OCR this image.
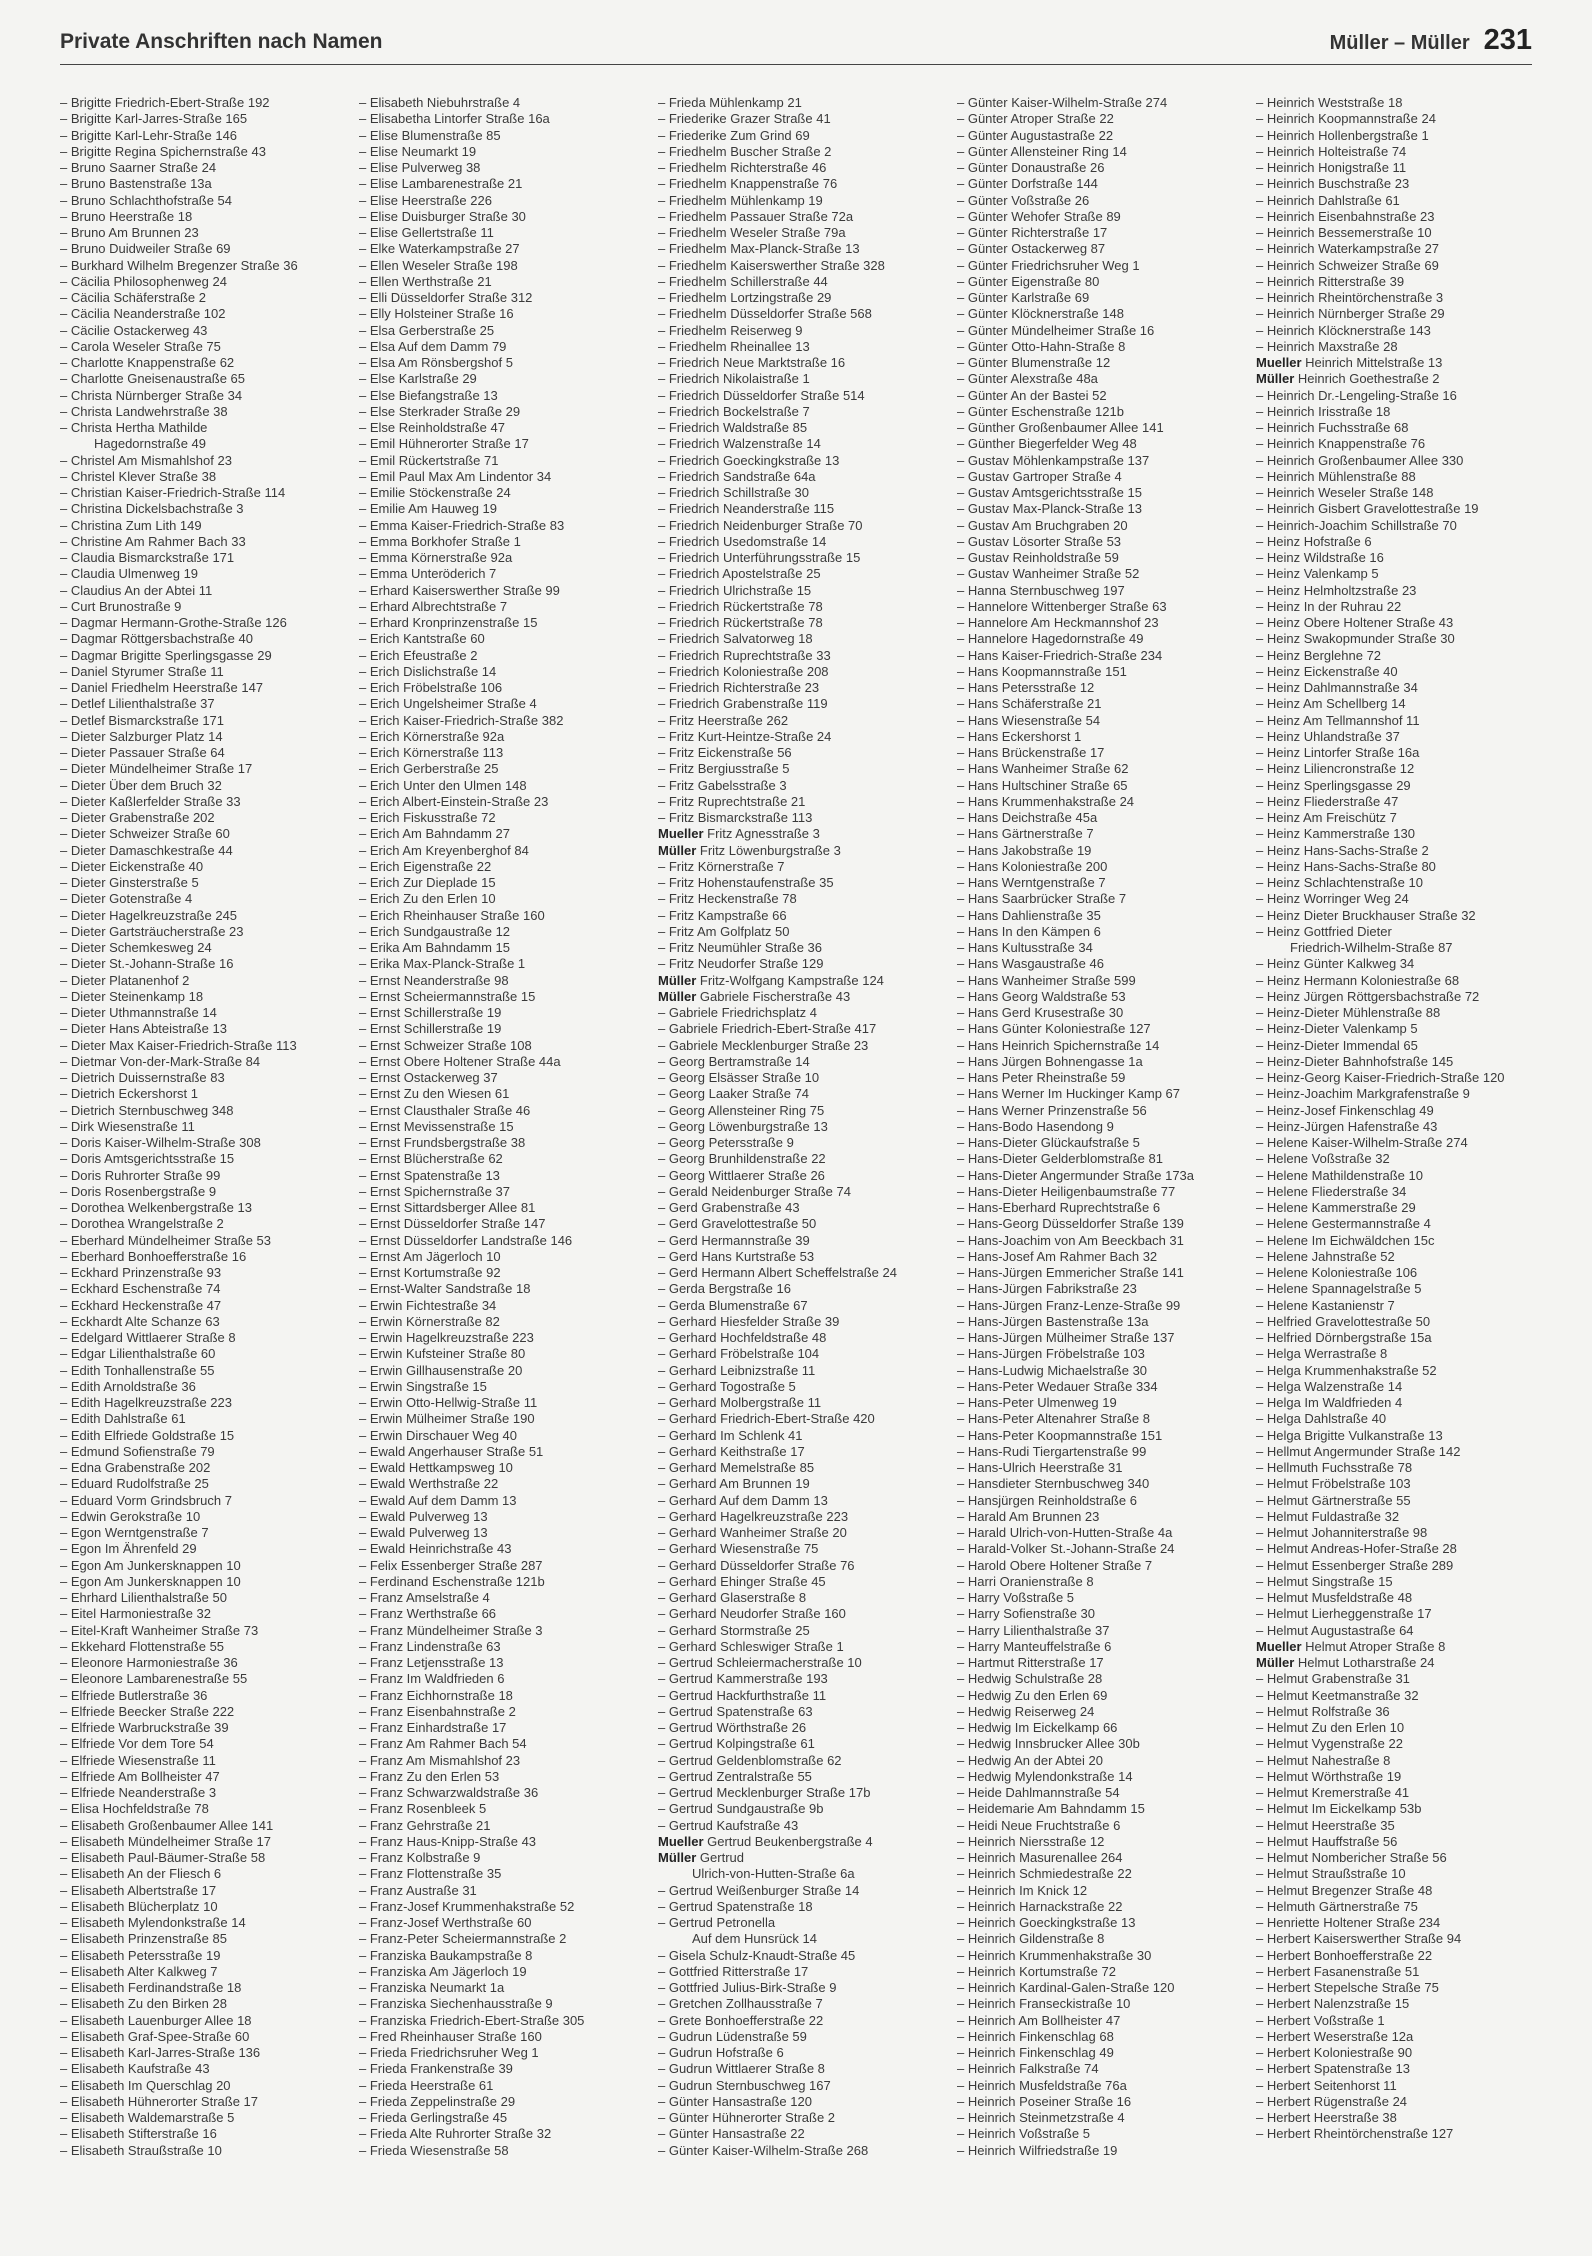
Private Anschriften nach Namen	Müller – Müller 231
– Brigitte Friedrich-Ebert-Straße 192
– Brigitte Karl-Jarres-Straße 165
– Brigitte Karl-Lehr-Straße 146
– Brigitte Regina Spichernstraße 43
– Bruno Saarner Straße 24
– Bruno Bastenstraße 13a
– Bruno Schlachthofstraße 54
– Bruno Heerstraße 18
– Bruno Am Brunnen 23
– Bruno Duidweiler Straße 69
– Burkhard Wilhelm Bregenzer Straße 36
– Cäcilia Philosophenweg 24
– Cäcilia Schäferstraße 2
– Cäcilia Neanderstraße 102
– Cäcilie Ostackerweg 43
– Carola Weseler Straße 75
– Charlotte Knappenstraße 62
– Charlotte Gneisenaustraße 65
– Christa Nürnberger Straße 34
– Christa Landwehrstraße 38
– Christa Hertha Mathilde
Hagedornstraße 49
– Christel Am Mismahlshof 23
– Christel Klever Straße 38
– Christian Kaiser-Friedrich-Straße 114
– Christina Dickelsbachstraße 3
– Christina Zum Lith 149
– Christine Am Rahmer Bach 33
– Claudia Bismarckstraße 171
– Claudia Ulmenweg 19
– Claudius An der Abtei 11
– Curt Brunostraße 9
– Dagmar Hermann-Grothe-Straße 126
– Dagmar Röttgersbachstraße 40
– Dagmar Brigitte Sperlingsgasse 29
– Daniel Styrumer Straße 11
– Daniel Friedhelm Heerstraße 147
– Detlef Lilienthalstraße 37
– Detlef Bismarckstraße 171
– Dieter Salzburger Platz 14
– Dieter Passauer Straße 64
– Dieter Mündelheimer Straße 17
– Dieter Über dem Bruch 32
– Dieter Kaßlerfelder Straße 33
– Dieter Grabenstraße 202
– Dieter Schweizer Straße 60
– Dieter Damaschkestraße 44
– Dieter Eickenstraße 40
– Dieter Ginsterstraße 5
– Dieter Gotenstraße 4
– Dieter Hagelkreuzstraße 245
– Dieter Gartsträucherstraße 23
– Dieter Schemkesweg 24
– Dieter St.-Johann-Straße 16
– Dieter Platanenhof 2
– Dieter Steinenkamp 18
– Dieter Uthmannstraße 14
– Dieter Hans Abteistraße 13
– Dieter Max Kaiser-Friedrich-Straße 113
– Dietmar Von-der-Mark-Straße 84
– Dietrich Duissernstraße 83
– Dietrich Eckershorst 1
– Dietrich Sternbuschweg 348
– Dirk Wiesenstraße 11
– Doris Kaiser-Wilhelm-Straße 308
– Doris Amtsgerichtsstraße 15
– Doris Ruhrorter Straße 99
– Doris Rosenbergstraße 9
– Dorothea Welkenbergstraße 13
– Dorothea Wrangelstraße 2
– Eberhard Mündelheimer Straße 53
– Eberhard Bonhoefferstraße 16
– Eckhard Prinzenstraße 93
– Eckhard Eschenstraße 74
– Eckhard Heckenstraße 47
– Eckhardt Alte Schanze 63
– Edelgard Wittlaerer Straße 8
– Edgar Lilienthalstraße 60
– Edith Tonhallenstraße 55
– Edith Arnoldstraße 36
– Edith Hagelkreuzstraße 223
– Edith Dahlstraße 61
– Edith Elfriede Goldstraße 15
– Edmund Sofienstraße 79
– Edna Grabenstraße 202
– Eduard Rudolfstraße 25
– Eduard Vorm Grindsbruch 7
– Edwin Gerokstraße 10
– Egon Werntgenstraße 7
– Egon Im Ährenfeld 29
– Egon Am Junkersknappen 10
– Egon Am Junkersknappen 10
– Ehrhard Lilienthalstraße 50
– Eitel Harmoniestraße 32
– Eitel-Kraft Wanheimer Straße 73
– Ekkehard Flottenstraße 55
– Eleonore Harmoniestraße 36
– Eleonore Lambarenestraße 55
– Elfriede Butlerstraße 36
– Elfriede Beecker Straße 222
– Elfriede Warbruckstraße 39
– Elfriede Vor dem Tore 54
– Elfriede Wiesenstraße 11
– Elfriede Am Bollheister 47
– Elfriede Neanderstraße 3
– Elisa Hochfeldstraße 78
– Elisabeth Großenbaumer Allee 141
– Elisabeth Mündelheimer Straße 17
– Elisabeth Paul-Bäumer-Straße 58
– Elisabeth An der Fliesch 6
– Elisabeth Albertstraße 17
– Elisabeth Blücherplatz 10
– Elisabeth Mylendonkstraße 14
– Elisabeth Prinzenstraße 85
– Elisabeth Petersstraße 19
– Elisabeth Alter Kalkweg 7
– Elisabeth Ferdinandstraße 18
– Elisabeth Zu den Birken 28
– Elisabeth Lauenburger Allee 18
– Elisabeth Graf-Spee-Straße 60
– Elisabeth Karl-Jarres-Straße 136
– Elisabeth Kaufstraße 43
– Elisabeth Im Querschlag 20
– Elisabeth Hühnerorter Straße 17
– Elisabeth Waldemarstraße 5
– Elisabeth Stifterstraße 16
– Elisabeth Straußstraße 10
– Elisabeth Niebuhrstraße 4
– Elisabetha Lintorfer Straße 16a
– Elise Blumenstraße 85
– Elise Neumarkt 19
– Elise Pulverweg 38
– Elise Lambarenestraße 21
– Elise Heerstraße 226
– Elise Duisburger Straße 30
– Elise Gellertstraße 11
– Elke Waterkampstraße 27
– Ellen Weseler Straße 198
– Ellen Werthstraße 21
– Elli Düsseldorfer Straße 312
– Elly Holsteiner Straße 16
– Elsa Gerberstraße 25
– Elsa Auf dem Damm 79
– Elsa Am Rönsbergshof 5
– Else Karlstraße 29
– Else Biefangstraße 13
– Else Sterkrader Straße 29
– Else Reinholdstraße 47
– Emil Hühnerorter Straße 17
– Emil Rückertstraße 71
– Emil Paul Max Am Lindentor 34
– Emilie Stöckenstraße 24
– Emilie Am Hauweg 19
– Emma Kaiser-Friedrich-Straße 83
– Emma Borkhofer Straße 1
– Emma Körnerstraße 92a
– Emma Unteröderich 7
– Erhard Kaiserswerther Straße 99
– Erhard Albrechtstraße 7
– Erhard Kronprinzenstraße 15
– Erich Kantstraße 60
– Erich Efeustraße 2
– Erich Dislichstraße 14
– Erich Fröbelstraße 106
– Erich Ungelsheimer Straße 4
– Erich Kaiser-Friedrich-Straße 382
– Erich Körnerstraße 92a
– Erich Körnerstraße 113
– Erich Gerberstraße 25
– Erich Unter den Ulmen 148
– Erich Albert-Einstein-Straße 23
– Erich Fiskusstraße 72
– Erich Am Bahndamm 27
– Erich Am Kreyenberghof 84
– Erich Eigenstraße 22
– Erich Zur Dieplade 15
– Erich Zu den Erlen 10
– Erich Rheinhauser Straße 160
– Erich Sundgaustraße 12
– Erika Am Bahndamm 15
– Erika Max-Planck-Straße 1
– Ernst Neanderstraße 98
– Ernst Scheiermannstraße 15
– Ernst Schillerstraße 19
– Ernst Schillerstraße 19
– Ernst Schweizer Straße 108
– Ernst Obere Holtener Straße 44a
– Ernst Ostackerweg 37
– Ernst Zu den Wiesen 61
– Ernst Clausthaler Straße 46
– Ernst Mevissenstraße 15
– Ernst Frundsbergstraße 38
– Ernst Blücherstraße 62
– Ernst Spatenstraße 13
– Ernst Spichernstraße 37
– Ernst Sittardsberger Allee 81
– Ernst Düsseldorfer Straße 147
– Ernst Düsseldorfer Landstraße 146
– Ernst Am Jägerloch 10
– Ernst Kortumstraße 92
– Ernst-Walter Sandstraße 18
– Erwin Fichtestraße 34
– Erwin Körnerstraße 82
– Erwin Hagelkreuzstraße 223
– Erwin Kufsteiner Straße 80
– Erwin Gillhausenstraße 20
– Erwin Singstraße 15
– Erwin Otto-Hellwig-Straße 11
– Erwin Mülheimer Straße 190
– Erwin Dirschauer Weg 40
– Ewald Angerhauser Straße 51
– Ewald Hettkampsweg 10
– Ewald Werthstraße 22
– Ewald Auf dem Damm 13
– Ewald Pulverweg 13
– Ewald Pulverweg 13
– Ewald Heinrichstraße 43
– Felix Essenberger Straße 287
– Ferdinand Eschenstraße 121b
– Franz Amselstraße 4
– Franz Werthstraße 66
– Franz Mündelheimer Straße 3
– Franz Lindenstraße 63
– Franz Letjensstraße 13
– Franz Im Waldfrieden 6
– Franz Eichhornstraße 18
– Franz Eisenbahnstraße 2
– Franz Einhardstraße 17
– Franz Am Rahmer Bach 54
– Franz Am Mismahlshof 23
– Franz Zu den Erlen 53
– Franz Schwarzwaldstraße 36
– Franz Rosenbleek 5
– Franz Gehrstraße 21
– Franz Haus-Knipp-Straße 43
– Franz Kolbstraße 9
– Franz Flottenstraße 35
– Franz Austraße 31
– Franz-Josef Krummenhakstraße 52
– Franz-Josef Werthstraße 60
– Franz-Peter Scheiermannstraße 2
– Franziska Baukampstraße 8
– Franziska Am Jägerloch 19
– Franziska Neumarkt 1a
– Franziska Siechenhausstraße 9
– Franziska Friedrich-Ebert-Straße 305
– Fred Rheinhauser Straße 160
– Frieda Friedrichsruher Weg 1
– Frieda Frankenstraße 39
– Frieda Heerstraße 61
– Frieda Zeppelinstraße 29
– Frieda Gerlingstraße 45
– Frieda Alte Ruhrorter Straße 32
– Frieda Wiesenstraße 58
– Frieda Mühlenkamp 21
– Friederike Grazer Straße 41
– Friederike Zum Grind 69
– Friedhelm Buscher Straße 2
– Friedhelm Richterstraße 46
– Friedhelm Knappenstraße 76
– Friedhelm Mühlenkamp 19
– Friedhelm Passauer Straße 72a
– Friedhelm Weseler Straße 79a
– Friedhelm Max-Planck-Straße 13
– Friedhelm Kaiserswerther Straße 328
– Friedhelm Schillerstraße 44
– Friedhelm Lortzingstraße 29
– Friedhelm Düsseldorfer Straße 568
– Friedhelm Reiserweg 9
– Friedhelm Rheinallee 13
– Friedrich Neue Marktstraße 16
– Friedrich Nikolaistraße 1
– Friedrich Düsseldorfer Straße 514
– Friedrich Bockelstraße 7
– Friedrich Waldstraße 85
– Friedrich Walzenstraße 14
– Friedrich Goeckingkstraße 13
– Friedrich Sandstraße 64a
– Friedrich Schillstraße 30
– Friedrich Neanderstraße 115
– Friedrich Neidenburger Straße 70
– Friedrich Usedomstraße 14
– Friedrich Unterführungsstraße 15
– Friedrich Apostelstraße 25
– Friedrich Ulrichstraße 15
– Friedrich Rückertstraße 78
– Friedrich Rückertstraße 78
– Friedrich Salvatorweg 18
– Friedrich Ruprechtstraße 33
– Friedrich Koloniestraße 208
– Friedrich Richterstraße 23
– Friedrich Grabenstraße 119
– Fritz Heerstraße 262
– Fritz Kurt-Heintze-Straße 24
– Fritz Eickenstraße 56
– Fritz Bergiusstraße 5
– Fritz Gabelsstraße 3
– Fritz Ruprechtstraße 21
– Fritz Bismarckstraße 113
Mueller Fritz Agnesstraße 3
Müller Fritz Löwenburgstraße 3
– Fritz Körnerstraße 7
– Fritz Hohenstaufenstraße 35
– Fritz Heckenstraße 78
– Fritz Kampstraße 66
– Fritz Am Golfplatz 50
– Fritz Neumühler Straße 36
– Fritz Neudorfer Straße 129
Müller Fritz-Wolfgang Kampstraße 124
Müller Gabriele Fischerstraße 43
– Gabriele Friedrichsplatz 4
– Gabriele Friedrich-Ebert-Straße 417
– Gabriele Mecklenburger Straße 23
– Georg Bertramstraße 14
– Georg Elsässer Straße 10
– Georg Laaker Straße 74
– Georg Allensteiner Ring 75
– Georg Löwenburgstraße 13
– Georg Petersstraße 9
– Georg Brunhildenstraße 22
– Georg Wittlaerer Straße 26
– Gerald Neidenburger Straße 74
– Gerd Grabenstraße 43
– Gerd Gravelottestraße 50
– Gerd Hermannstraße 39
– Gerd Hans Kurtstraße 53
– Gerd Hermann Albert Scheffelstraße 24
– Gerda Bergstraße 16
– Gerda Blumenstraße 67
– Gerhard Hiesfelder Straße 39
– Gerhard Hochfeldstraße 48
– Gerhard Fröbelstraße 104
– Gerhard Leibnizstraße 11
– Gerhard Togostraße 5
– Gerhard Molbergstraße 11
– Gerhard Friedrich-Ebert-Straße 420
– Gerhard Im Schlenk 41
– Gerhard Keithstraße 17
– Gerhard Memelstraße 85
– Gerhard Am Brunnen 19
– Gerhard Auf dem Damm 13
– Gerhard Hagelkreuzstraße 223
– Gerhard Wanheimer Straße 20
– Gerhard Wiesenstraße 75
– Gerhard Düsseldorfer Straße 76
– Gerhard Ehinger Straße 45
– Gerhard Glaserstraße 8
– Gerhard Neudorfer Straße 160
– Gerhard Stormstraße 25
– Gerhard Schleswiger Straße 1
– Gertrud Schleiermacherstraße 10
– Gertrud Kammerstraße 193
– Gertrud Hackfurthstraße 11
– Gertrud Spatenstraße 63
– Gertrud Wörthstraße 26
– Gertrud Kolpingstraße 61
– Gertrud Geldenblomstraße 62
– Gertrud Zentralstraße 55
– Gertrud Mecklenburger Straße 17b
– Gertrud Sundgaustraße 9b
– Gertrud Kaufstraße 43
Mueller Gertrud Beukenbergstraße 4
Müller Gertrud
Ulrich-von-Hutten-Straße 6a
– Gertrud Weißenburger Straße 14
– Gertrud Spatenstraße 18
– Gertrud Petronella
Auf dem Hunsrück 14
– Gisela Schulz-Knaudt-Straße 45
– Gottfried Ritterstraße 17
– Gottfried Julius-Birk-Straße 9
– Gretchen Zollhausstraße 7
– Grete Bonhoefferstraße 22
– Gudrun Lüdenstraße 59
– Gudrun Hofstraße 6
– Gudrun Wittlaerer Straße 8
– Gudrun Sternbuschweg 167
– Günter Hansastraße 120
– Günter Hühnerorter Straße 2
– Günter Hansastraße 22
– Günter Kaiser-Wilhelm-Straße 268
– Günter Kaiser-Wilhelm-Straße 274
– Günter Atroper Straße 22
– Günter Augustastraße 22
– Günter Allensteiner Ring 14
– Günter Donaustraße 26
– Günter Dorfstraße 144
– Günter Voßstraße 26
– Günter Wehofer Straße 89
– Günter Richterstraße 17
– Günter Ostackerweg 87
– Günter Friedrichsruher Weg 1
– Günter Eigenstraße 80
– Günter Karlstraße 69
– Günter Klöcknerstraße 148
– Günter Mündelheimer Straße 16
– Günter Otto-Hahn-Straße 8
– Günter Blumenstraße 12
– Günter Alexstraße 48a
– Günter An der Bastei 52
– Günter Eschenstraße 121b
– Günther Großenbaumer Allee 141
– Günther Biegerfelder Weg 48
– Gustav Möhlenkampstraße 137
– Gustav Gartroper Straße 4
– Gustav Amtsgerichtsstraße 15
– Gustav Max-Planck-Straße 13
– Gustav Am Bruchgraben 20
– Gustav Lösorter Straße 53
– Gustav Reinholdstraße 59
– Gustav Wanheimer Straße 52
– Hanna Sternbuschweg 197
– Hannelore Wittenberger Straße 63
– Hannelore Am Heckmannshof 23
– Hannelore Hagedornstraße 49
– Hans Kaiser-Friedrich-Straße 234
– Hans Koopmannstraße 151
– Hans Petersstraße 12
– Hans Schäferstraße 21
– Hans Wiesenstraße 54
– Hans Eckershorst 1
– Hans Brückenstraße 17
– Hans Wanheimer Straße 62
– Hans Hultschiner Straße 65
– Hans Krummenhakstraße 24
– Hans Deichstraße 45a
– Hans Gärtnerstraße 7
– Hans Jakobstraße 19
– Hans Koloniestraße 200
– Hans Werntgenstraße 7
– Hans Saarbrücker Straße 7
– Hans Dahlienstraße 35
– Hans In den Kämpen 6
– Hans Kultusstraße 34
– Hans Wasgaustraße 46
– Hans Wanheimer Straße 599
– Hans Georg Waldstraße 53
– Hans Gerd Krusestraße 30
– Hans Günter Koloniestraße 127
– Hans Heinrich Spichernstraße 14
– Hans Jürgen Bohnengasse 1a
– Hans Peter Rheinstraße 59
– Hans Werner Im Huckinger Kamp 67
– Hans Werner Prinzenstraße 56
– Hans-Bodo Hasendong 9
– Hans-Dieter Glückaufstraße 5
– Hans-Dieter Gelderblomstraße 81
– Hans-Dieter Angermunder Straße 173a
– Hans-Dieter Heiligenbaumstraße 77
– Hans-Eberhard Ruprechtstraße 6
– Hans-Georg Düsseldorfer Straße 139
– Hans-Joachim von Am Beeckbach 31
– Hans-Josef Am Rahmer Bach 32
– Hans-Jürgen Emmericher Straße 141
– Hans-Jürgen Fabrikstraße 23
– Hans-Jürgen Franz-Lenze-Straße 99
– Hans-Jürgen Bastenstraße 13a
– Hans-Jürgen Mülheimer Straße 137
– Hans-Jürgen Fröbelstraße 103
– Hans-Ludwig Michaelstraße 30
– Hans-Peter Wedauer Straße 334
– Hans-Peter Ulmenweg 19
– Hans-Peter Altenahrer Straße 8
– Hans-Peter Koopmannstraße 151
– Hans-Rudi Tiergartenstraße 99
– Hans-Ulrich Heerstraße 31
– Hansdieter Sternbuschweg 340
– Hansjürgen Reinholdstraße 6
– Harald Am Brunnen 23
– Harald Ulrich-von-Hutten-Straße 4a
– Harald-Volker St.-Johann-Straße 24
– Harold Obere Holtener Straße 7
– Harri Oranienstraße 8
– Harry Voßstraße 5
– Harry Sofienstraße 30
– Harry Lilienthalstraße 37
– Harry Manteuffelstraße 6
– Hartmut Ritterstraße 17
– Hedwig Schulstraße 28
– Hedwig Zu den Erlen 69
– Hedwig Reiserweg 24
– Hedwig Im Eickelkamp 66
– Hedwig Innsbrucker Allee 30b
– Hedwig An der Abtei 20
– Hedwig Mylendonkstraße 14
– Heide Dahlmannstraße 54
– Heidemarie Am Bahndamm 15
– Heidi Neue Fruchtstraße 6
– Heinrich Niersstraße 12
– Heinrich Masurenallee 264
– Heinrich Schmiedestraße 22
– Heinrich Im Knick 12
– Heinrich Harnackstraße 22
– Heinrich Goeckingkstraße 13
– Heinrich Gildenstraße 8
– Heinrich Krummenhakstraße 30
– Heinrich Kortumstraße 72
– Heinrich Kardinal-Galen-Straße 120
– Heinrich Franseckistraße 10
– Heinrich Am Bollheister 47
– Heinrich Finkenschlag 68
– Heinrich Finkenschlag 49
– Heinrich Falkstraße 74
– Heinrich Musfeldstraße 76a
– Heinrich Poseiner Straße 16
– Heinrich Steinmetzstraße 4
– Heinrich Voßstraße 5
– Heinrich Wilfriedstraße 19
– Heinrich Weststraße 18
– Heinrich Koopmannstraße 24
– Heinrich Hollenbergstraße 1
– Heinrich Holteistraße 74
– Heinrich Honigstraße 11
– Heinrich Buschstraße 23
– Heinrich Dahlstraße 61
– Heinrich Eisenbahnstraße 23
– Heinrich Bessemerstraße 10
– Heinrich Waterkampstraße 27
– Heinrich Schweizer Straße 69
– Heinrich Ritterstraße 39
– Heinrich Rheintörchenstraße 3
– Heinrich Nürnberger Straße 29
– Heinrich Klöcknerstraße 143
– Heinrich Maxstraße 28
Mueller Heinrich Mittelstraße 13
Müller Heinrich Goethestraße 2
– Heinrich Dr.-Lengeling-Straße 16
– Heinrich Irisstraße 18
– Heinrich Fuchsstraße 68
– Heinrich Knappenstraße 76
– Heinrich Großenbaumer Allee 330
– Heinrich Mühlenstraße 88
– Heinrich Weseler Straße 148
– Heinrich Gisbert Gravelottestraße 19
– Heinrich-Joachim Schillstraße 70
– Heinz Hofstraße 6
– Heinz Wildstraße 16
– Heinz Valenkamp 5
– Heinz Helmholtzstraße 23
– Heinz In der Ruhrau 22
– Heinz Obere Holtener Straße 43
– Heinz Swakopmunder Straße 30
– Heinz Berglehne 72
– Heinz Eickenstraße 40
– Heinz Dahlmannstraße 34
– Heinz Am Schellberg 14
– Heinz Am Tellmannshof 11
– Heinz Uhlandstraße 37
– Heinz Lintorfer Straße 16a
– Heinz Liliencronstraße 12
– Heinz Sperlingsgasse 29
– Heinz Fliederstraße 47
– Heinz Am Freischütz 7
– Heinz Kammerstraße 130
– Heinz Hans-Sachs-Straße 2
– Heinz Hans-Sachs-Straße 80
– Heinz Schlachtenstraße 10
– Heinz Worringer Weg 24
– Heinz Dieter Bruckhauser Straße 32
– Heinz Gottfried Dieter
Friedrich-Wilhelm-Straße 87
– Heinz Günter Kalkweg 34
– Heinz Hermann Koloniestraße 68
– Heinz Jürgen Röttgersbachstraße 72
– Heinz-Dieter Mühlenstraße 88
– Heinz-Dieter Valenkamp 5
– Heinz-Dieter Immendal 65
– Heinz-Dieter Bahnhofstraße 145
– Heinz-Georg Kaiser-Friedrich-Straße 120
– Heinz-Joachim Markgrafenstraße 9
– Heinz-Josef Finkenschlag 49
– Heinz-Jürgen Hafenstraße 43
– Helene Kaiser-Wilhelm-Straße 274
– Helene Voßstraße 32
– Helene Mathildenstraße 10
– Helene Fliederstraße 34
– Helene Kammerstraße 29
– Helene Gestermannstraße 4
– Helene Im Eichwäldchen 15c
– Helene Jahnstraße 52
– Helene Koloniestraße 106
– Helene Spannagelstraße 5
– Helene Kastanienstr 7
– Helfried Gravelottestraße 50
– Helfried Dörnbergstraße 15a
– Helga Werrastraße 8
– Helga Krummenhakstraße 52
– Helga Walzenstraße 14
– Helga Im Waldfrieden 4
– Helga Dahlstraße 40
– Helga Brigitte Vulkanstraße 13
– Hellmut Angermunder Straße 142
– Hellmuth Fuchsstraße 78
– Helmut Fröbelstraße 103
– Helmut Gärtnerstraße 55
– Helmut Fuldastraße 32
– Helmut Johanniterstraße 98
– Helmut Andreas-Hofer-Straße 28
– Helmut Essenberger Straße 289
– Helmut Singstraße 15
– Helmut Musfeldstraße 48
– Helmut Lierheggenstraße 17
– Helmut Augustastraße 64
Mueller Helmut Atroper Straße 8
Müller Helmut Lotharstraße 24
– Helmut Grabenstraße 31
– Helmut Keetmanstraße 32
– Helmut Rolfstraße 36
– Helmut Zu den Erlen 10
– Helmut Vygenstraße 22
– Helmut Nahestraße 8
– Helmut Wörthstraße 19
– Helmut Kremerstraße 41
– Helmut Im Eickelkamp 53b
– Helmut Heerstraße 35
– Helmut Hauffstraße 56
– Helmut Nombericher Straße 56
– Helmut Straußstraße 10
– Helmut Bregenzer Straße 48
– Helmuth Gärtnerstraße 75
– Henriette Holtener Straße 234
– Herbert Kaiserswerther Straße 94
– Herbert Bonhoefferstraße 22
– Herbert Fasanenstraße 51
– Herbert Stepelsche Straße 75
– Herbert Nalenzstraße 15
– Herbert Voßstraße 1
– Herbert Weserstraße 12a
– Herbert Koloniestraße 90
– Herbert Spatenstraße 13
– Herbert Seitenhorst 11
– Herbert Rügenstraße 24
– Herbert Heerstraße 38
– Herbert Rheintörchenstraße 127
